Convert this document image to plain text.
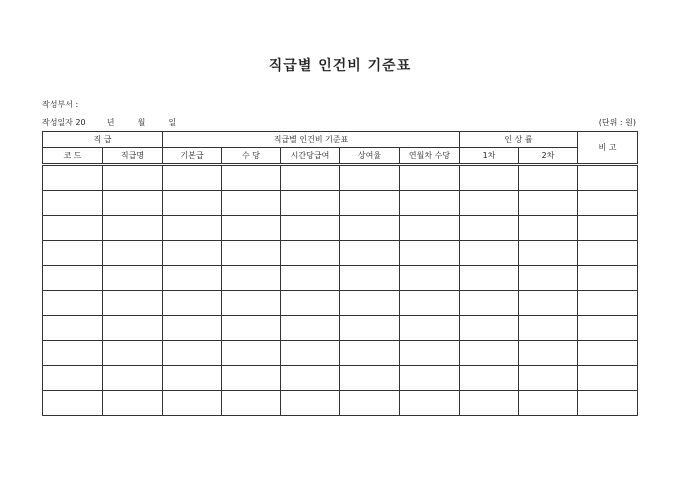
직급별 인건비 기준표
작성부서 :
작성일자 20	년	월	일	(단위 : 원)
직 급		직급별 인건비 기준표					인 상 률		비 고
코 드	직급명	기본급	수 당	시간당급여	상여율	연월차 수당	1차	2차	
